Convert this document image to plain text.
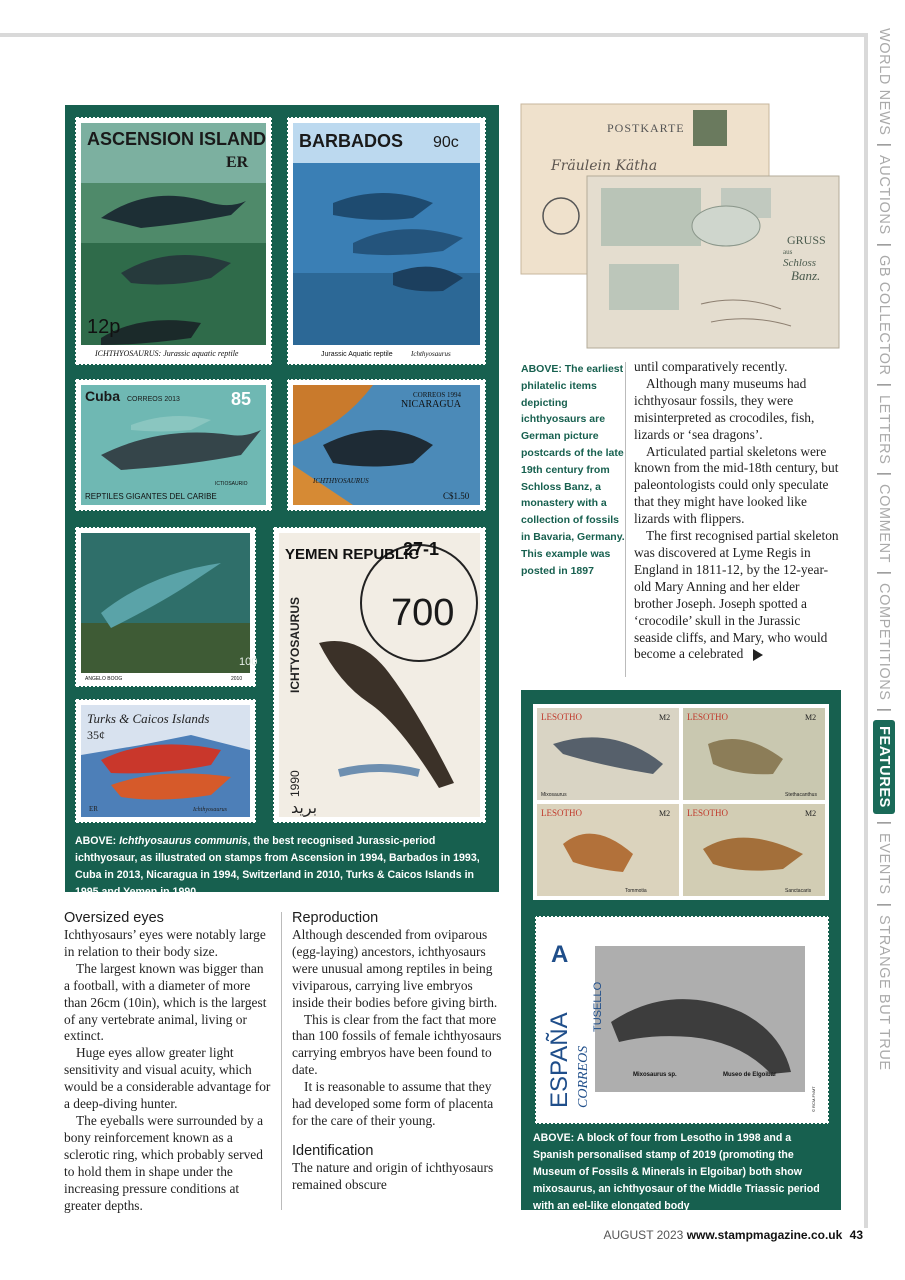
WORLD NEWS | AUCTIONS | GB COLLECTOR | LETTERS | COMMENT | COMPETITIONS | FEATURES | EVENTS | STRANGE BUT TRUE
ASCENSION ISLAND
ER
12p
ICHTHYOSAURUS: Jurassic aquatic reptile
BARBADOS 90c
Jurassic Aquatic reptile	Ichthyosaurus
Cuba CORREOS 2013	85
ICTIOSAURIO
REPTILES GIGANTES DEL CARIBE
CORREOS 1994
NICARAGUA
ICHTHYOSAURUS
C$1.50
100
ANGELO BOOG	2010
YEMEN REPUBLIC
27-1
700
ICHTYOSAURUS
1990
بريد
Turks & Caicos Islands
35¢
ER	Ichthyosaurus
ABOVE: Ichthyosaurus communis, the best recognised Jurassic-period ichthyosaur, as illustrated on stamps from Ascension in 1994, Barbados in 1993, Cuba in 2013, Nicaragua in 1994, Switzerland in 2010, Turks & Caicos Islands in 1995 and Yemen in 1990
POSTKARTE
Fräulein Kätha
GRUSS
aus
Schloss
Banz.
ABOVE: The earliest philatelic items depicting ichthyosaurs are German picture postcards of the late 19th century from Schloss Banz, a monastery with a collection of fossils in Bavaria, Germany. This example was posted in 1897

until comparatively recently.

Although many museums had ichthyosaur fossils, they were misinterpreted as crocodiles, fish, lizards or ‘sea dragons’.

Articulated partial skeletons were known from the mid-18th century, but paleontologists could only speculate that they might have looked like lizards with flippers.

The first recognised partial skeleton was discovered at Lyme Regis in England in 1811-12, by the 12-year-old Mary Anning and her elder brother Joseph. Joseph spotted a ‘crocodile’ skull in the Jurassic seaside cliffs, and Mary, who would become a celebrated

LESOTHO	M2 LESOTHO	M2
LESOTHO	M2 LESOTHO	M2
Mixosaurus	Stethacanthus
Tommotia	Sanctacaris
A
ESPAÑA CORREOS
TUSELLO
Mixosaurus sp.	Museo de Elgoibar
© RCM-FNMT
ABOVE: A block of four from Lesotho in 1998 and a Spanish personalised stamp of 2019 (promoting the Museum of Fossils & Minerals in Elgoibar) both show mixosaurus, an ichthyosaur of the Middle Triassic period with an eel-like elongated body
Oversized eyes

Ichthyosaurs’ eyes were notably large in relation to their body size.

The largest known was bigger than a football, with a diameter of more than 26cm (10in), which is the largest of any vertebrate animal, living or extinct.

Huge eyes allow greater light sensitivity and visual acuity, which would be a considerable advantage for a deep-diving hunter.

The eyeballs were surrounded by a bony reinforcement known as a sclerotic ring, which probably served to hold them in shape under the increasing pressure conditions at greater depths.

Reproduction

Although descended from oviparous (egg-laying) ancestors, ichthyosaurs were unusual among reptiles in being viviparous, carrying live embryos inside their bodies before giving birth.

This is clear from the fact that more than 100 fossils of female ichthyosaurs carrying embryos have been found to date.

It is reasonable to assume that they had developed some form of placenta for the care of their young.

Identification

The nature and origin of ichthyosaurs remained obscure

AUGUST 2023 www.stampmagazine.co.uk 43
